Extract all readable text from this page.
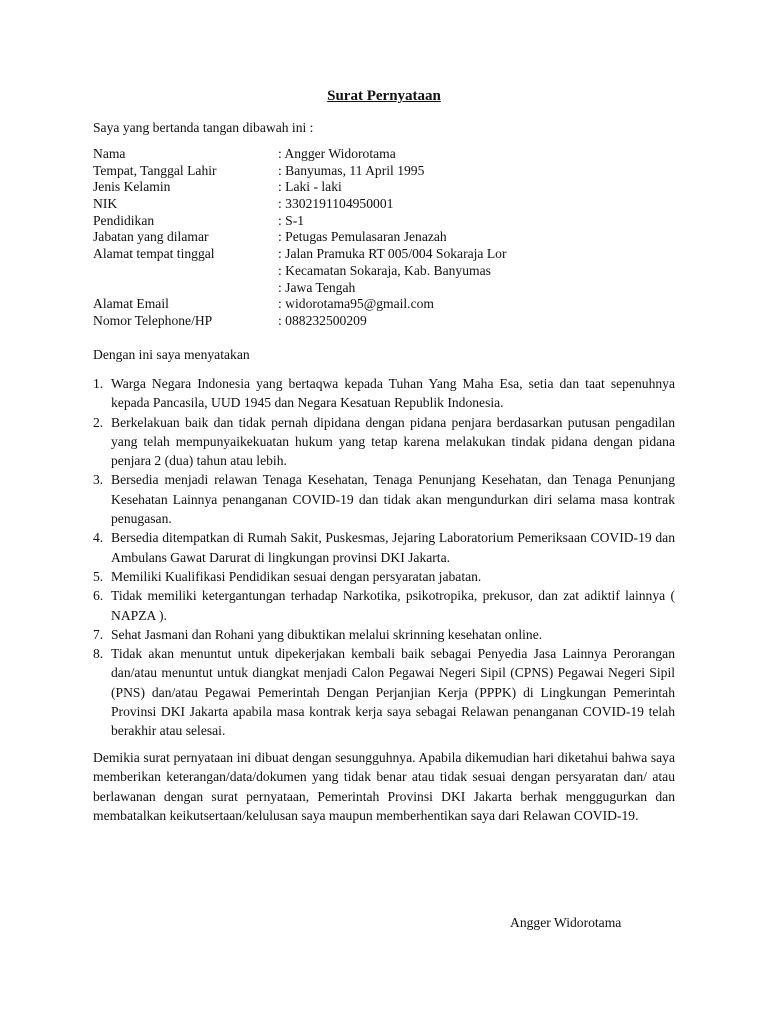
Surat Pernyataan
Saya yang bertanda tangan dibawah ini :
Nama	: Angger Widorotama
Tempat, Tanggal Lahir	: Banyumas, 11 April 1995
Jenis Kelamin	: Laki - laki
NIK	: 3302191104950001
Pendidikan	: S-1
Jabatan yang dilamar	: Petugas Pemulasaran Jenazah
Alamat tempat tinggal	: Jalan Pramuka RT 005/004 Sokaraja Lor
: Kecamatan Sokaraja, Kab. Banyumas
: Jawa Tengah
Alamat Email	: widorotama95@gmail.com
Nomor Telephone/HP	: 088232500209
Dengan ini saya menyatakan
1. Warga Negara Indonesia yang bertaqwa kepada Tuhan Yang Maha Esa, setia dan taat sepenuhnya kepada Pancasila, UUD 1945 dan Negara Kesatuan Republik Indonesia.
2. Berkelakuan baik dan tidak pernah dipidana dengan pidana penjara berdasarkan putusan pengadilan yang telah mempunyaikekuatan hukum yang tetap karena melakukan tindak pidana dengan pidana penjara 2 (dua) tahun atau lebih.
3. Bersedia menjadi relawan Tenaga Kesehatan, Tenaga Penunjang Kesehatan, dan Tenaga Penunjang Kesehatan Lainnya penanganan COVID-19 dan tidak akan mengundurkan diri selama masa kontrak penugasan.
4. Bersedia ditempatkan di Rumah Sakit, Puskesmas, Jejaring Laboratorium Pemeriksaan COVID-19 dan Ambulans Gawat Darurat di lingkungan provinsi DKI Jakarta.
5. Memiliki Kualifikasi Pendidikan sesuai dengan persyaratan jabatan.
6. Tidak memiliki ketergantungan terhadap Narkotika, psikotropika, prekusor, dan zat adiktif lainnya ( NAPZA ).
7. Sehat Jasmani dan Rohani yang dibuktikan melalui skrinning kesehatan online.
8. Tidak akan menuntut untuk dipekerjakan kembali baik sebagai Penyedia Jasa Lainnya Perorangan dan/atau menuntut untuk diangkat menjadi Calon Pegawai Negeri Sipil (CPNS) Pegawai Negeri Sipil (PNS) dan/atau Pegawai Pemerintah Dengan Perjanjian Kerja (PPPK) di Lingkungan Pemerintah Provinsi DKI Jakarta apabila masa kontrak kerja saya sebagai Relawan penanganan COVID-19 telah berakhir atau selesai.
Demikia surat pernyataan ini dibuat dengan sesungguhnya. Apabila dikemudian hari diketahui bahwa saya memberikan keterangan/data/dokumen yang tidak benar atau tidak sesuai dengan persyaratan dan/ atau berlawanan dengan surat pernyataan, Pemerintah Provinsi DKI Jakarta berhak menggugurkan dan membatalkan keikutsertaan/kelulusan saya maupun memberhentikan saya dari Relawan COVID-19.
Angger Widorotama
